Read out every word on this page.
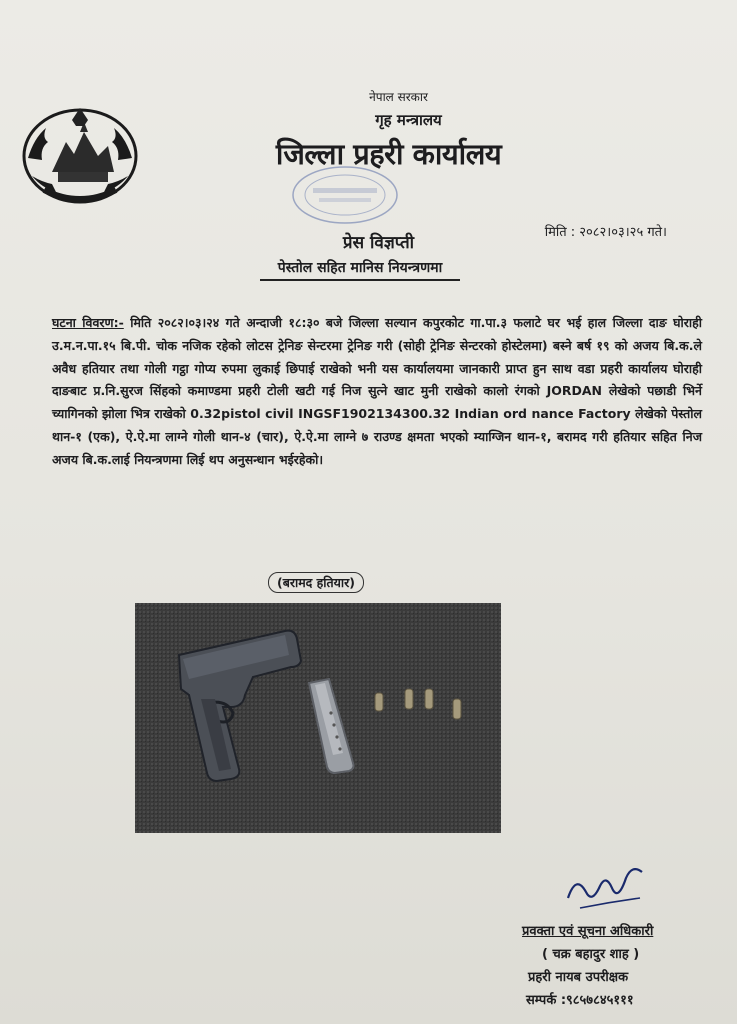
नेपाल सरकार
गृह मन्त्रालय
जिल्ला प्रहरी कार्यालय
मिति : २०८२।०३।२५ गते।
प्रेस विज्ञप्ती
पेस्तोल सहित मानिस नियन्त्रणमा
घटना विवरण:- मिति २०८२।०३।२४ गते अन्दाजी १८:३० बजे जिल्ला सल्यान कपुरकोट गा.पा.३ फलाटे घर भई हाल जिल्ला दाङ घोराही उ.म.न.पा.१५ बि.पी. चोक नजिक रहेको लोटस ट्रेनिङ सेन्टरमा ट्रेनिङ गरी (सोही ट्रेनिङ सेन्टरको होस्टेलमा) बस्ने बर्ष १९ को अजय बि.क.ले अवैध हतियार तथा गोली गट्ठा गोप्य रुपमा लुकाई छिपाई राखेको भनी यस कार्यालयमा जानकारी प्राप्त हुन साथ वडा प्रहरी कार्यालय घोराही दाङबाट प्र.नि.सुरज सिंहको कमाण्डमा प्रहरी टोली खटी गई निज सुत्ने खाट मुनी राखेको कालो रंगको JORDAN लेखेको पछाडी भिर्ने च्यागिनको झोला भित्र राखेको 0.32pistol civil INGSF1902134300.32 Indian ord nance Factory लेखेको पेस्तोल थान-१ (एक), ऐ.ऐ.मा लाग्ने गोली थान-४ (चार), ऐ.ऐ.मा लाग्ने ७ राउण्ड क्षमता भएको म्याग्जिन थान-१, बरामद गरी हतियार सहित निज अजय बि.क.लाई नियन्त्रणमा लिई थप अनुसन्धान भईरहेको।
(बरामद हतियार)
प्रवक्ता एवं सूचना अधिकारी
( चक्र बहादुर शाह )
प्रहरी नायब उपरीक्षक
सम्पर्क :९८५७८४५१११
